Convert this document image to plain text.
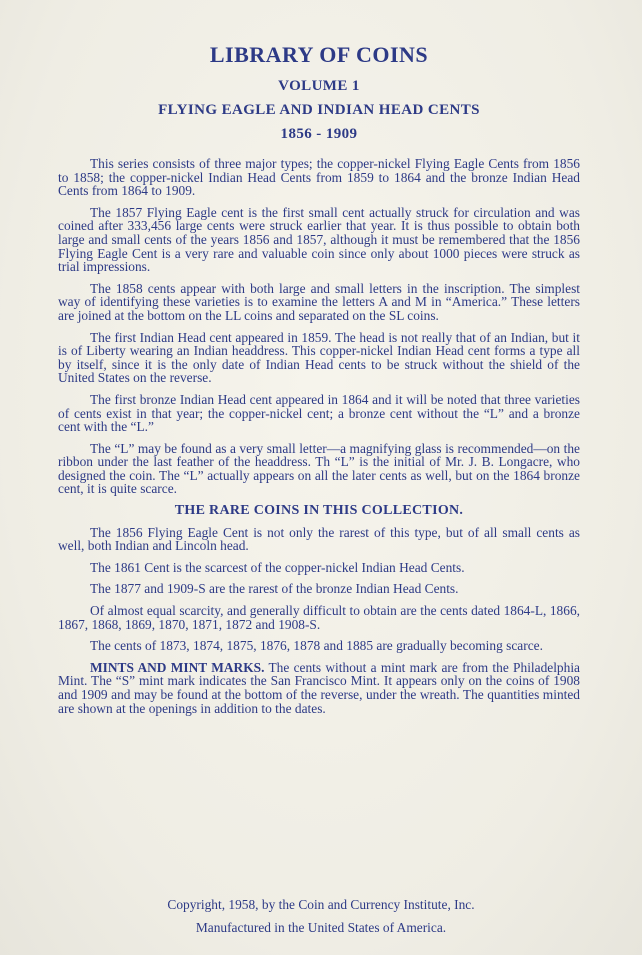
LIBRARY OF COINS
VOLUME 1
FLYING EAGLE AND INDIAN HEAD CENTS
1856 - 1909

This series consists of three major types; the copper-nickel Flying Eagle Cents from 1856 to 1858; the copper-nickel Indian Head Cents from 1859 to 1864 and the bronze Indian Head Cents from 1864 to 1909.

The 1857 Flying Eagle cent is the first small cent actually struck for circulation and was coined after 333,456 large cents were struck earlier that year. It is thus possible to obtain both large and small cents of the years 1856 and 1857, although it must be remembered that the 1856 Flying Eagle Cent is a very rare and valuable coin since only about 1000 pieces were struck as trial impressions.

The 1858 cents appear with both large and small letters in the inscription. The simplest way of identifying these varieties is to examine the letters A and M in “America.” These letters are joined at the bottom on the LL coins and separated on the SL coins.

The first Indian Head cent appeared in 1859. The head is not really that of an Indian, but it is of Liberty wearing an Indian headdress. This copper-nickel Indian Head cent forms a type all by itself, since it is the only date of Indian Head cents to be struck without the shield of the United States on the reverse.

The first bronze Indian Head cent appeared in 1864 and it will be noted that three varieties of cents exist in that year; the copper-nickel cent; a bronze cent without the “L” and a bronze cent with the “L.”

The “L” may be found as a very small letter—a magnifying glass is recommended—on the ribbon under the last feather of the headdress. Th “L” is the initial of Mr. J. B. Longacre, who designed the coin. The “L” actually appears on all the later cents as well, but on the 1864 bronze cent, it is quite scarce.

THE RARE COINS IN THIS COLLECTION.

The 1856 Flying Eagle Cent is not only the rarest of this type, but of all small cents as well, both Indian and Lincoln head.

The 1861 Cent is the scarcest of the copper-nickel Indian Head Cents.

The 1877 and 1909-S are the rarest of the bronze Indian Head Cents.

Of almost equal scarcity, and generally difficult to obtain are the cents dated 1864-L, 1866, 1867, 1868, 1869, 1870, 1871, 1872 and 1908-S.

The cents of 1873, 1874, 1875, 1876, 1878 and 1885 are gradually becoming scarce.

MINTS AND MINT MARKS. The cents without a mint mark are from the Philadelphia Mint. The “S” mint mark indicates the San Francisco Mint. It appears only on the coins of 1908 and 1909 and may be found at the bottom of the reverse, under the wreath. The quantities minted are shown at the openings in addition to the dates.

Copyright, 1958, by the Coin and Currency Institute, Inc.
Manufactured in the United States of America.
